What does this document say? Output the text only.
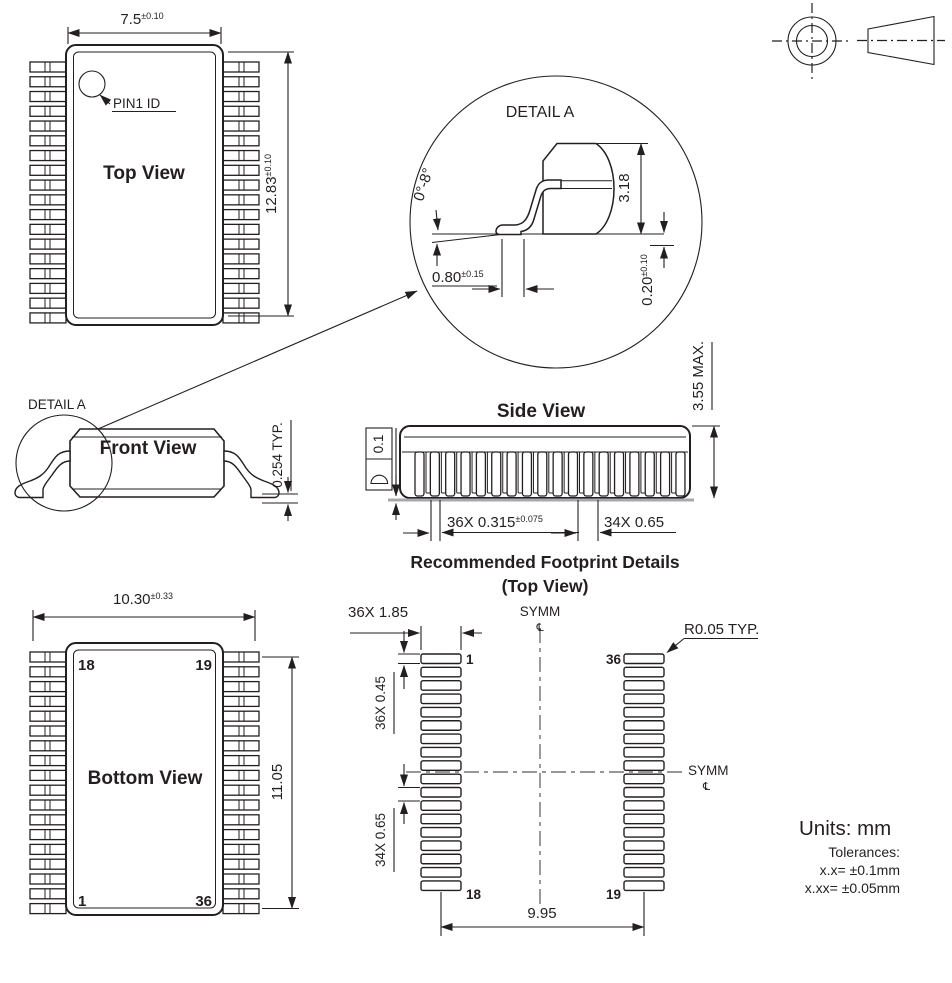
PIN1 ID
Top View
$7.5^{\pm 0.10}$
$12.83^{\pm 0.10}$
DETAIL A
3.18
$0.80^{\pm 0.15}$
$0.20^{\pm 0.10}$
0°-8°
DETAIL A
Front View	0.254 TYP.
Side View
0.1
3.55 MAX.
36X $0.315^{\pm 0.075}$	34X 0.65
Recommended Footprint Details
(Top View)
SYMM
℄
SYMM
℄
36X 1.85
36X 0.45
34X 0.65
R0.05 TYP.
9.95
1	36
18	19
$10.30^{\pm 0.33}$
18	19
1	36
Bottom View	11.05
Units: mm
Tolerances:
x.x= ±0.1mm
x.xx= ±0.05mm
